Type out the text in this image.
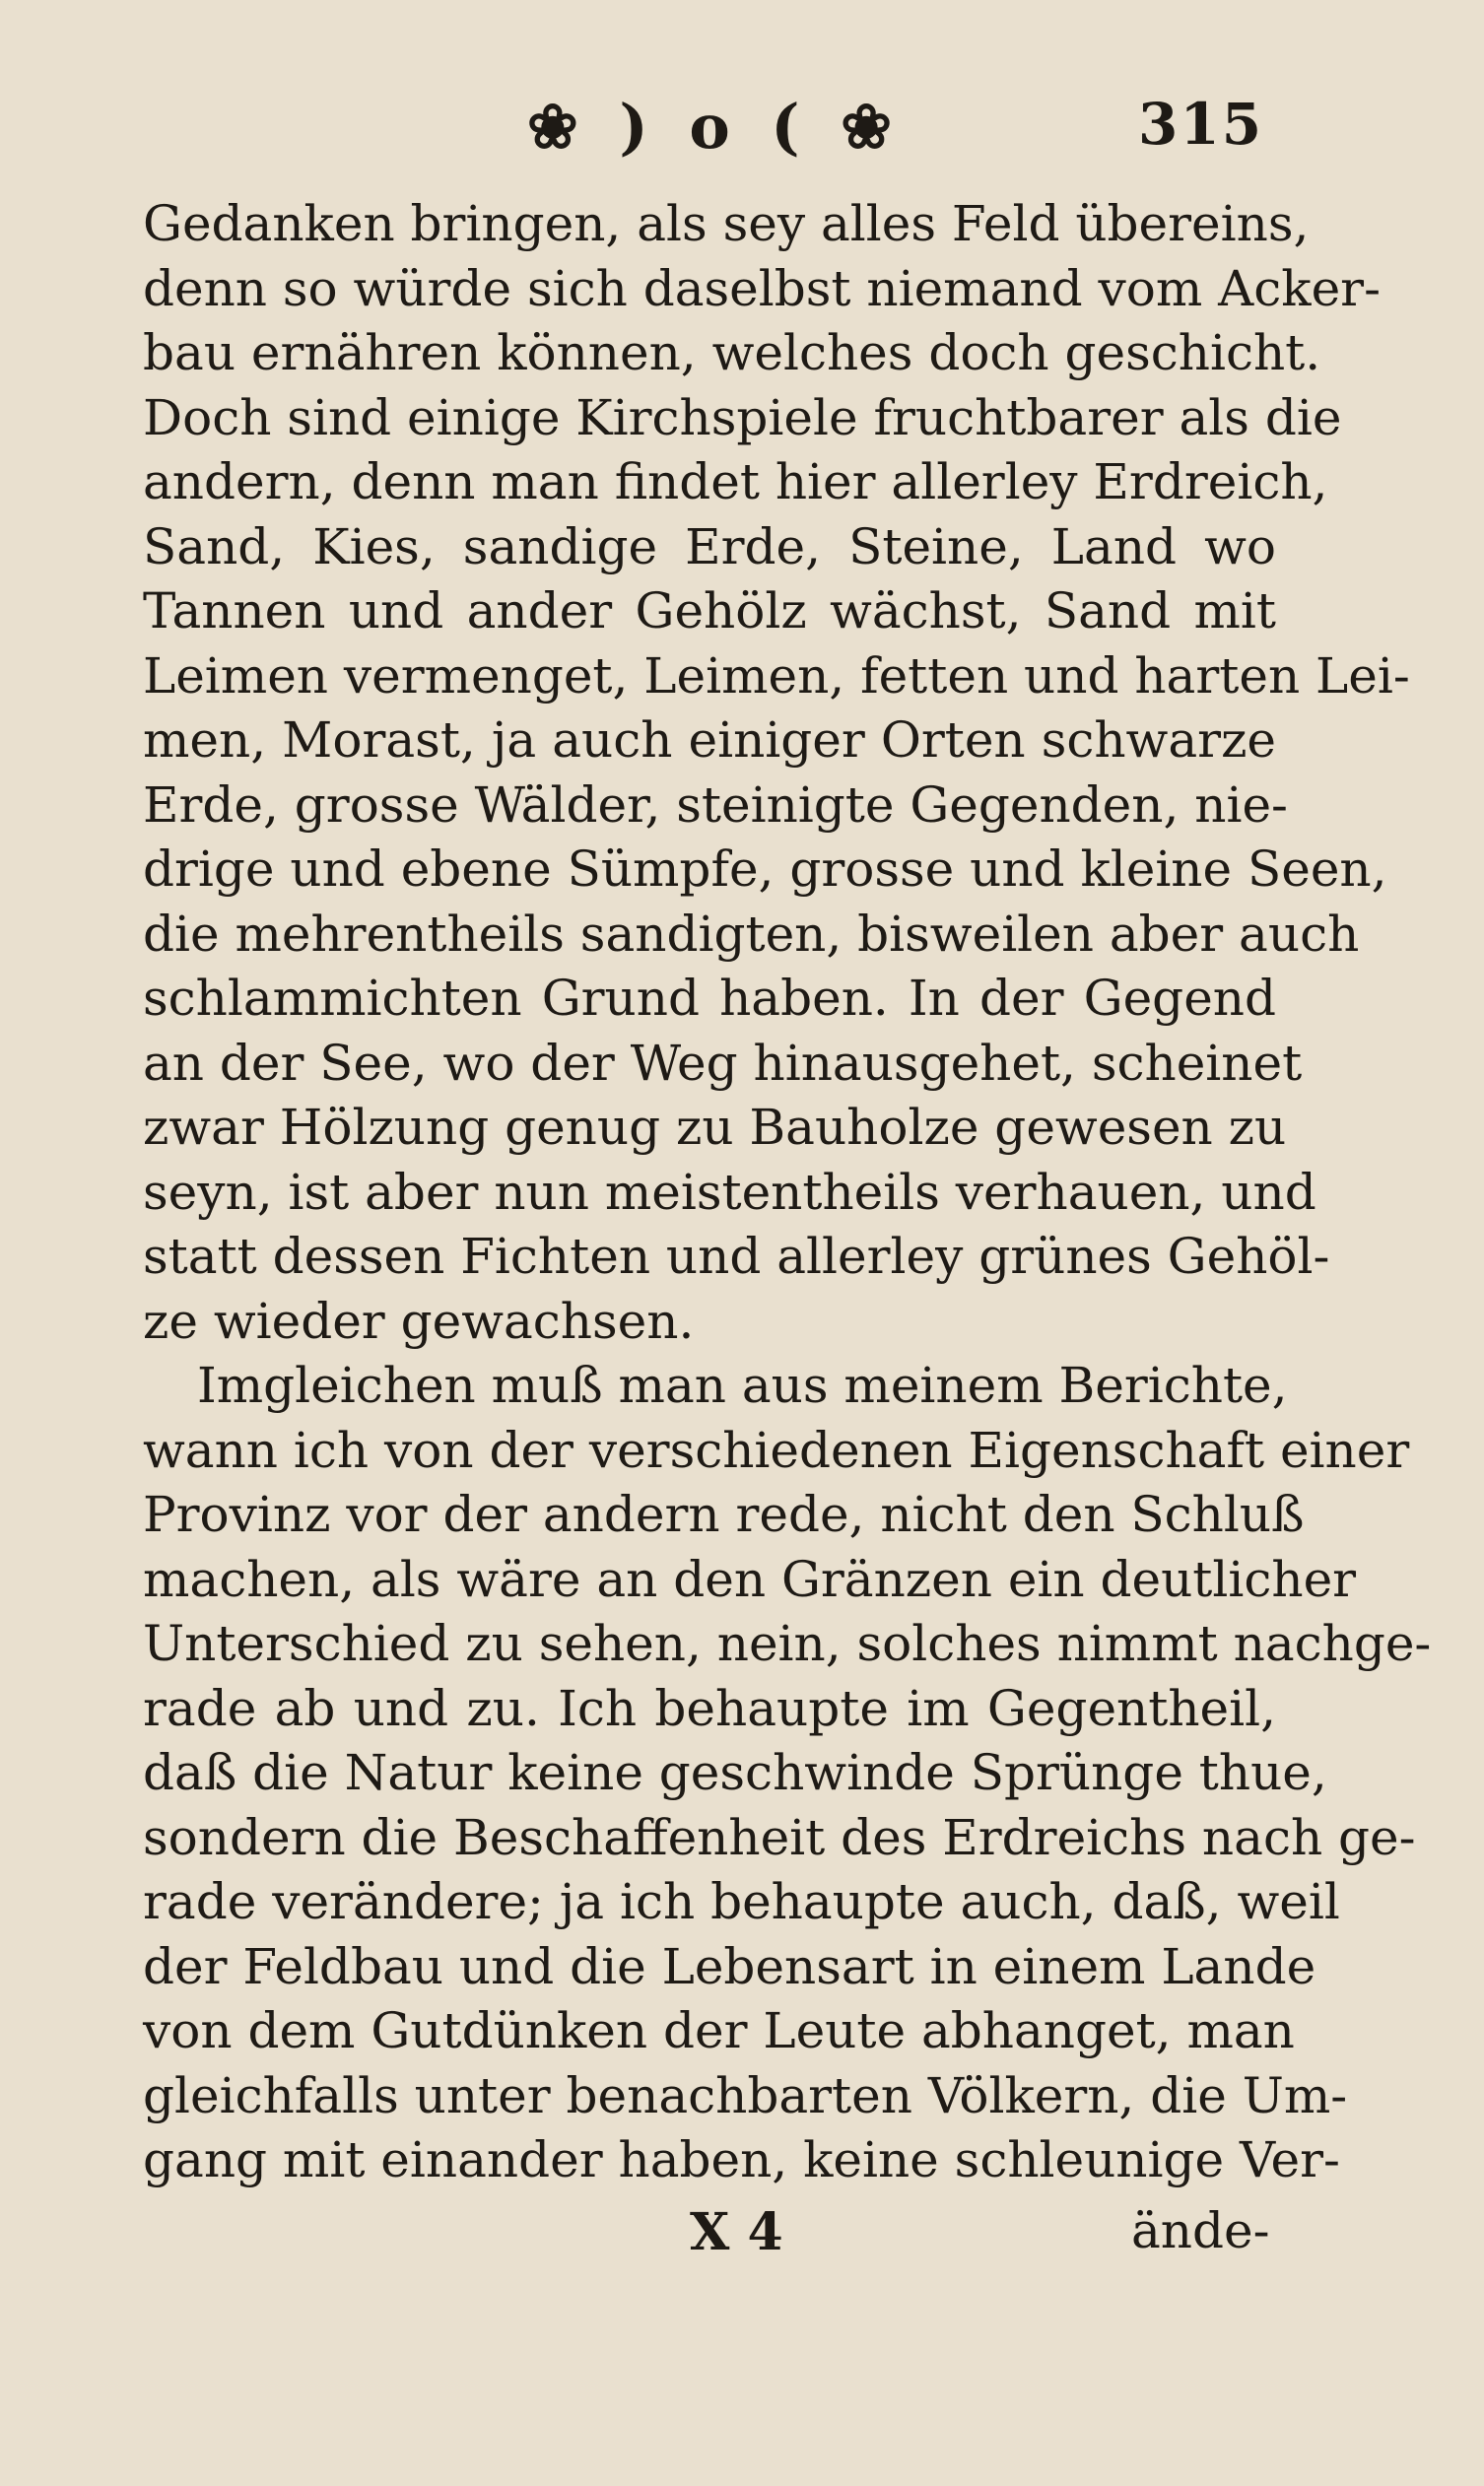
❀ ) o ( ❀	315
Gedanken bringen, als sey alles Feld übereins,
denn so würde sich daselbst niemand vom Acker-
bau ernähren können, welches doch geschicht.
Doch sind einige Kirchspiele fruchtbarer als die
andern, denn man findet hier allerley Erdreich,
Sand, Kies, sandige Erde, Steine, Land wo
Tannen und ander Gehölz wächst, Sand mit
Leimen vermenget, Leimen, fetten und harten Lei-
men, Morast, ja auch einiger Orten schwarze
Erde, grosse Wälder, steinigte Gegenden, nie-
drige und ebene Sümpfe, grosse und kleine Seen,
die mehrentheils sandigten, bisweilen aber auch
schlammichten Grund haben. In der Gegend
an der See, wo der Weg hinausgehet, scheinet
zwar Hölzung genug zu Bauholze gewesen zu
seyn, ist aber nun meistentheils verhauen, und
statt dessen Fichten und allerley grünes Gehöl-
ze wieder gewachsen.
Imgleichen muß man aus meinem Berichte,
wann ich von der verschiedenen Eigenschaft einer
Provinz vor der andern rede, nicht den Schluß
machen, als wäre an den Gränzen ein deutlicher
Unterschied zu sehen, nein, solches nimmt nachge-
rade ab und zu. Ich behaupte im Gegentheil,
daß die Natur keine geschwinde Sprünge thue,
sondern die Beschaffenheit des Erdreichs nach ge-
rade verändere; ja ich behaupte auch, daß, weil
der Feldbau und die Lebensart in einem Lande
von dem Gutdünken der Leute abhanget, man
gleichfalls unter benachbarten Völkern, die Um-
gang mit einander haben, keine schleunige Ver-
X 4	ände-
